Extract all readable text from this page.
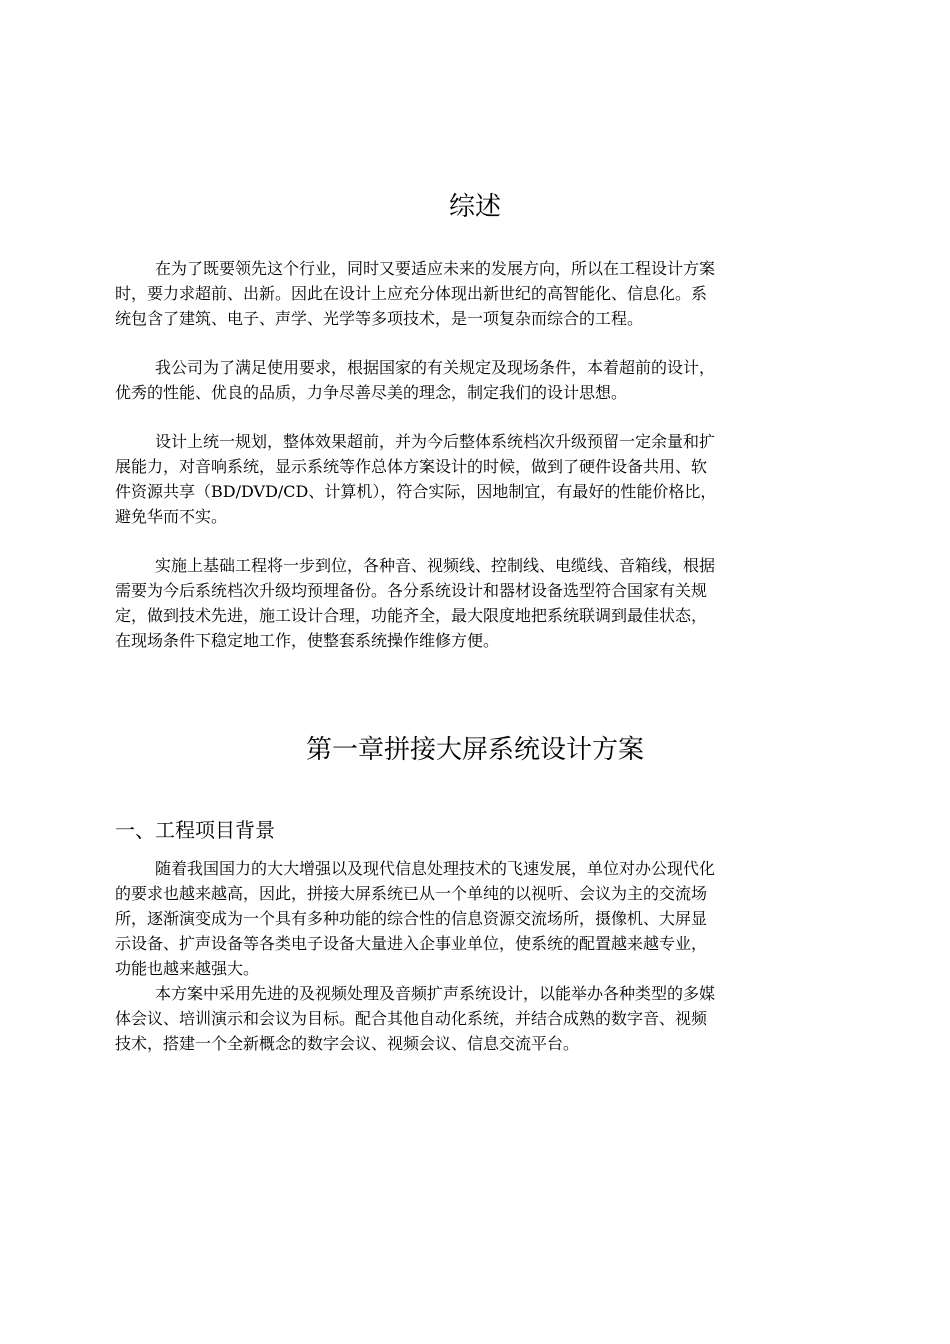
综述

在为了既要领先这个行业，同时又要适应未来的发展方向，所以在工程设计方案
时，要力求超前、出新。因此在设计上应充分体现出新世纪的高智能化、信息化。系
统包含了建筑、电子、声学、光学等多项技术，是一项复杂而综合的工程。

我公司为了满足使用要求，根据国家的有关规定及现场条件，本着超前的设计，
优秀的性能、优良的品质，力争尽善尽美的理念，制定我们的设计思想。

设计上统一规划，整体效果超前，并为今后整体系统档次升级预留一定余量和扩
展能力，对音响系统，显示系统等作总体方案设计的时候，做到了硬件设备共用、软
件资源共享（BD/DVD/CD、计算机），符合实际，因地制宜，有最好的性能价格比，
避免华而不实。

实施上基础工程将一步到位，各种音、视频线、控制线、电缆线、音箱线，根据
需要为今后系统档次升级均预埋备份。各分系统设计和器材设备选型符合国家有关规
定，做到技术先进，施工设计合理，功能齐全，最大限度地把系统联调到最佳状态，
在现场条件下稳定地工作，使整套系统操作维修方便。

第一章拼接大屏系统设计方案
一、工程项目背景

随着我国国力的大大增强以及现代信息处理技术的飞速发展，单位对办公现代化
的要求也越来越高，因此，拼接大屏系统已从一个单纯的以视听、会议为主的交流场
所，逐渐演变成为一个具有多种功能的综合性的信息资源交流场所，摄像机、大屏显
示设备、扩声设备等各类电子设备大量进入企事业单位，使系统的配置越来越专业，
功能也越来越强大。

本方案中采用先进的及视频处理及音频扩声系统设计，以能举办各种类型的多媒
体会议、培训演示和会议为目标。配合其他自动化系统，并结合成熟的数字音、视频
技术，搭建一个全新概念的数字会议、视频会议、信息交流平台。
